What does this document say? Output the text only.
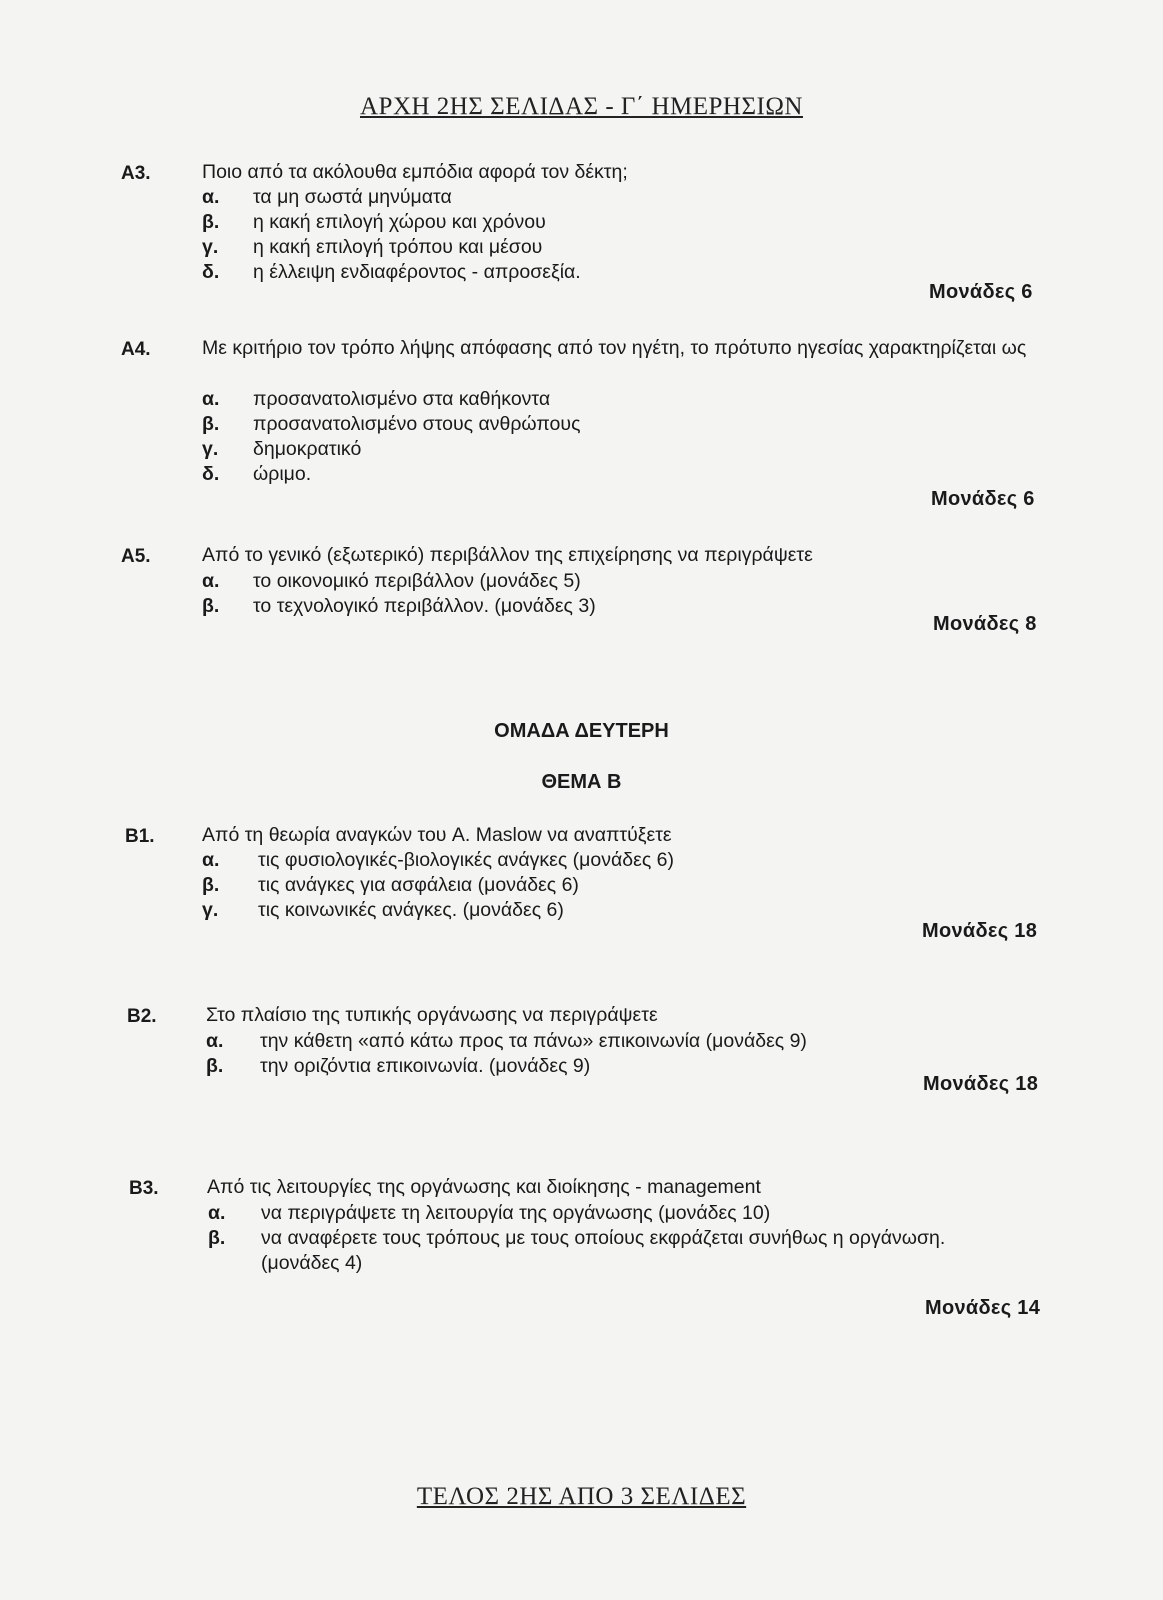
ΑΡΧΗ 2ΗΣ ΣΕΛΙΔΑΣ - Γ΄ ΗΜΕΡΗΣΙΩΝ
Α3.	Ποιο από τα ακόλουθα εμπόδια αφορά τον δέκτη;
α. τα μη σωστά μηνύματα
β. η κακή επιλογή χώρου και χρόνου
γ. η κακή επιλογή τρόπου και μέσου
δ. η έλλειψη ενδιαφέροντος - απροσεξία.
Μονάδες 6
Α4.	Με κριτήριο τον τρόπο λήψης απόφασης από τον ηγέτη, το πρότυπο ηγεσίας χαρακτηρίζεται ως
α. προσανατολισμένο στα καθήκοντα
β. προσανατολισμένο στους ανθρώπους
γ. δημοκρατικό
δ. ώριμο.
Μονάδες 6
Α5.	Από το γενικό (εξωτερικό) περιβάλλον της επιχείρησης να περιγράψετε
α. το οικονομικό περιβάλλον (μονάδες 5)
β. το τεχνολογικό περιβάλλον. (μονάδες 3)
Μονάδες 8
ΟΜΑΔΑ ΔΕΥΤΕΡΗ
ΘΕΜΑ Β
Β1. Από τη θεωρία αναγκών του A. Maslow να αναπτύξετε
α. τις φυσιολογικές-βιολογικές ανάγκες (μονάδες 6)
β. τις ανάγκες για ασφάλεια (μονάδες 6)
γ. τις κοινωνικές ανάγκες. (μονάδες 6)
Μονάδες 18
Β2.	Στο πλαίσιο της τυπικής οργάνωσης να περιγράψετε
α. την κάθετη «από κάτω προς τα πάνω» επικοινωνία (μονάδες 9)
β. την οριζόντια επικοινωνία. (μονάδες 9)
Μονάδες 18
Β3. Από τις λειτουργίες της οργάνωσης και διοίκησης - management
α. να περιγράψετε τη λειτουργία της οργάνωσης (μονάδες 10)
β. να αναφέρετε τους τρόπους με τους οποίους εκφράζεται συνήθως η οργάνωση. (μονάδες 4)
Μονάδες 14
ΤΕΛΟΣ 2ΗΣ ΑΠΟ 3 ΣΕΛΙΔΕΣ
